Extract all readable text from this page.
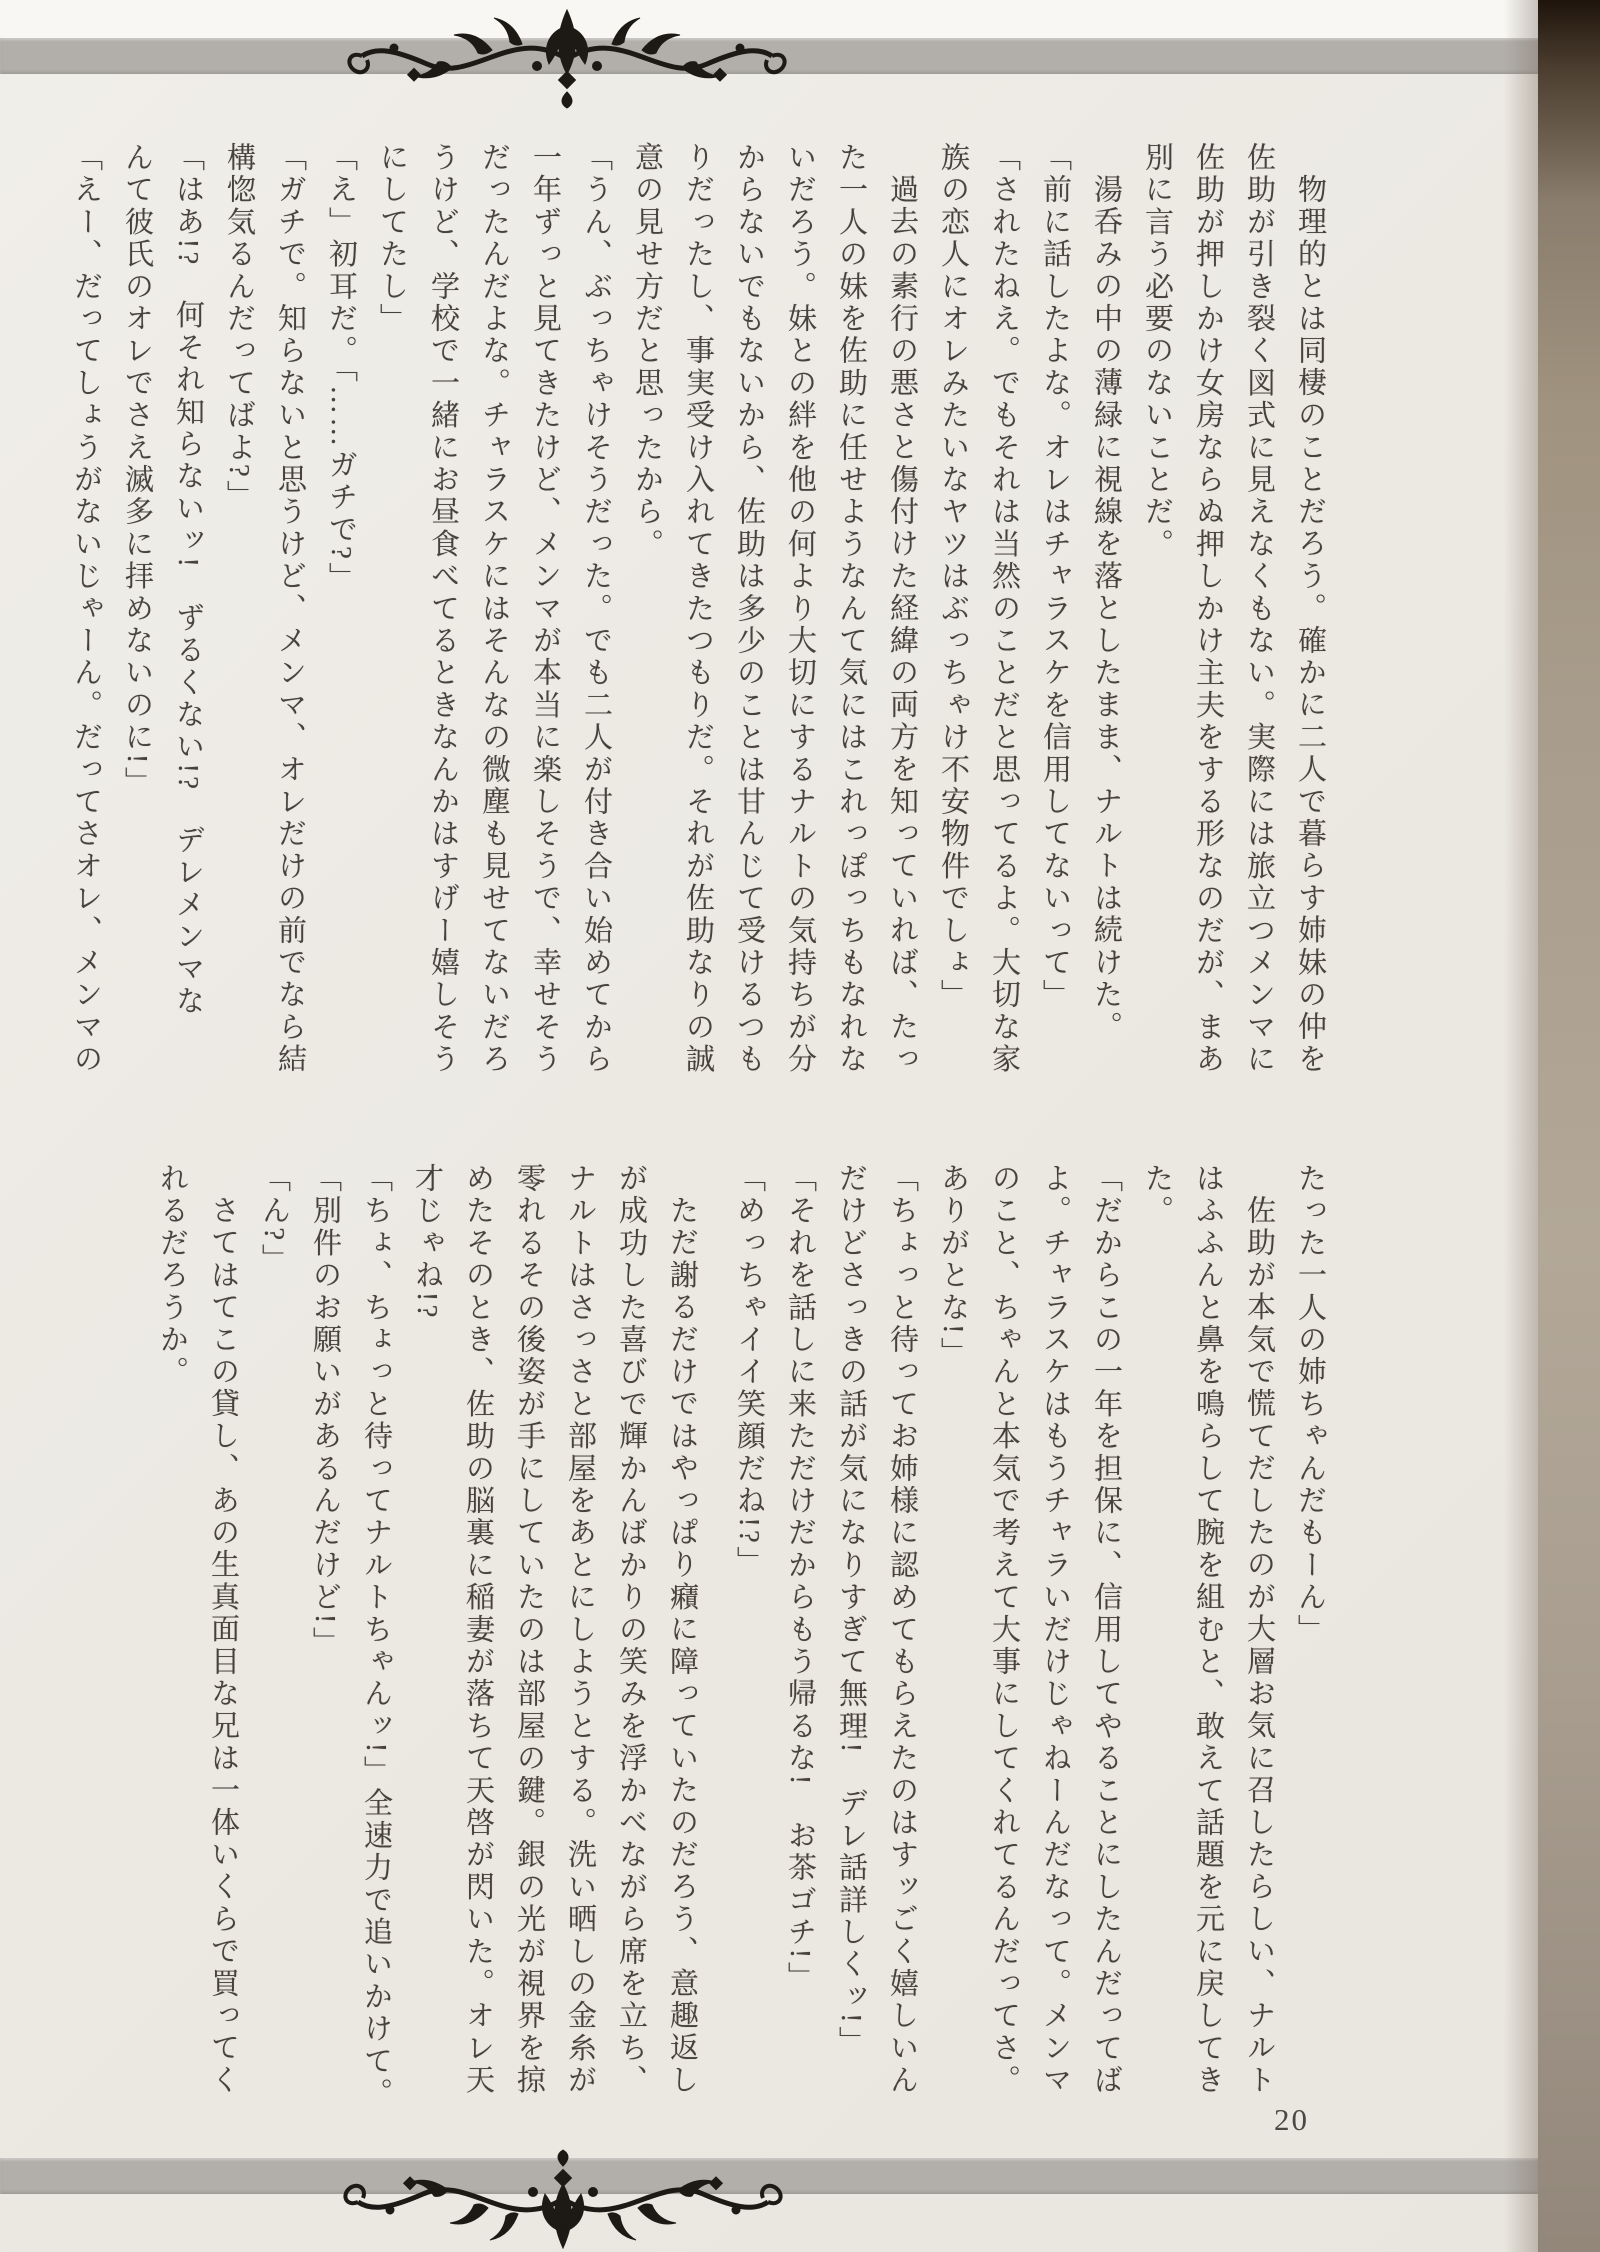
物理的とは同棲のことだろう。確かに二人で暮らす姉妹の仲を
佐助が引き裂く図式に見えなくもない。実際には旅立つメンマに
佐助が押しかけ女房ならぬ押しかけ主夫をする形なのだが、まあ
別に言う必要のないことだ。
湯呑みの中の薄緑に視線を落としたまま、ナルトは続けた。
「前に話したよな。オレはチャラスケを信用してないって」
「されたねえ。でもそれは当然のことだと思ってるよ。大切な家
族の恋人にオレみたいなヤツはぶっちゃけ不安物件でしょ」
過去の素行の悪さと傷付けた経緯の両方を知っていれば、たっ
た一人の妹を佐助に任せようなんて気にはこれっぽっちもなれな
いだろう。妹との絆を他の何より大切にするナルトの気持ちが分
からないでもないから、佐助は多少のことは甘んじて受けるつも
りだったし、事実受け入れてきたつもりだ。それが佐助なりの誠
意の見せ方だと思ったから。
「うん、ぶっちゃけそうだった。でも二人が付き合い始めてから
一年ずっと見てきたけど、メンマが本当に楽しそうで、幸せそう
だったんだよな。チャラスケにはそんなの微塵も見せてないだろ
うけど、学校で一緒にお昼食べてるときなんかはすげー嬉しそう
にしてたし」
「え」初耳だ。「……ガチで?」
「ガチで。知らないと思うけど、メンマ、オレだけの前でなら結
構惚気るんだってばよ?」
「はあ!?　何それ知らないッ!　ずるくない!?　デレメンマな
んて彼氏のオレでさえ滅多に拝めないのに!」
「えー、だってしょうがないじゃーん。だってさオレ、メンマの
たった一人の姉ちゃんだもーん」
佐助が本気で慌てだしたのが大層お気に召したらしい、ナルト
はふふんと鼻を鳴らして腕を組むと、敢えて話題を元に戻してき
た。
「だからこの一年を担保に、信用してやることにしたんだってば
よ。チャラスケはもうチャラいだけじゃねーんだなって。メンマ
のこと、ちゃんと本気で考えて大事にしてくれてるんだってさ。
ありがとな!」
「ちょっと待ってお姉様に認めてもらえたのはすッごく嬉しいん
だけどさっきの話が気になりすぎて無理!　デレ話詳しくッ!」
「それを話しに来ただけだからもう帰るな!　お茶ゴチ!」
「めっちゃイイ笑顔だね!?」
ただ謝るだけではやっぱり癪に障っていたのだろう、意趣返し
が成功した喜びで輝かんばかりの笑みを浮かべながら席を立ち、
ナルトはさっさと部屋をあとにしようとする。洗い晒しの金糸が
零れるその後姿が手にしていたのは部屋の鍵。銀の光が視界を掠
めたそのとき、佐助の脳裏に稲妻が落ちて天啓が閃いた。オレ天
才じゃね!?
「ちょ、ちょっと待ってナルトちゃんッ!」全速力で追いかけて。
「別件のお願いがあるんだけど!」
「ん?」
さてはてこの貸し、あの生真面目な兄は一体いくらで買ってく
れるだろうか。
20
